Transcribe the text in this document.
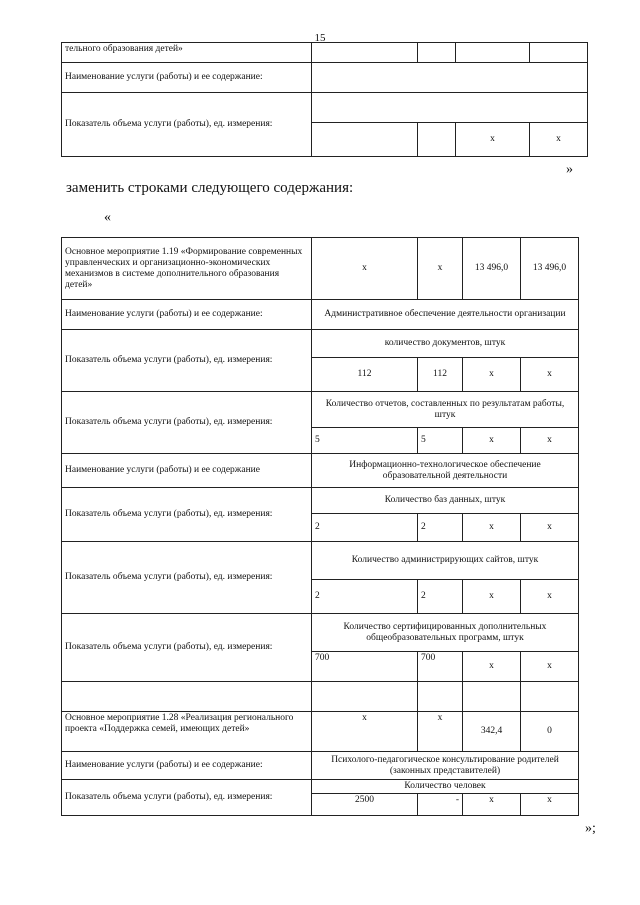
15
тельного образования детей»				
Наименование услуги (работы) и ее содержание:				
Показатель объема услуги (работы), ед. измерения:				
			х	х
»
заменить строками следующего содержания:
«
Основное мероприятие 1.19 «Формирование современных управленческих и организационно-экономических механизмов в системе дополнительного образования детей»	х	х	13 496,0	13 496,0
Наименование услуги (работы) и ее содержание:	Административное обеспечение деятельности организации			
Показатель объема услуги (работы), ед. измерения:	количество документов, штук			
	112	112	х	х
Показатель объема услуги (работы), ед. измерения:	Количество отчетов, составленных по результатам работы, штук			
	5	5	х	х
Наименование услуги (работы) и ее содержание	Информационно-технологическое обеспечение образовательной деятельности			
Показатель объема услуги (работы), ед. измерения:	Количество баз данных, штук			
	2	2	х	х
Показатель объема услуги (работы), ед. измерения:	Количество администрирующих сайтов, штук			
	2	2	х	х
Показатель объема услуги (работы), ед. измерения:	Количество сертифицированных дополнительных общеобразовательных программ, штук			
	700	700	х	х

Основное мероприятие 1.28 «Реализация регионального проекта «Поддержка семей, имеющих детей»	х	х	342,4	0
Наименование услуги (работы) и ее содержание:	Психолого-педагогическое консультирование родителей (законных представителей)			
Показатель объема услуги (работы), ед. измерения:	Количество человек			
	2500	-	х	х
»;
